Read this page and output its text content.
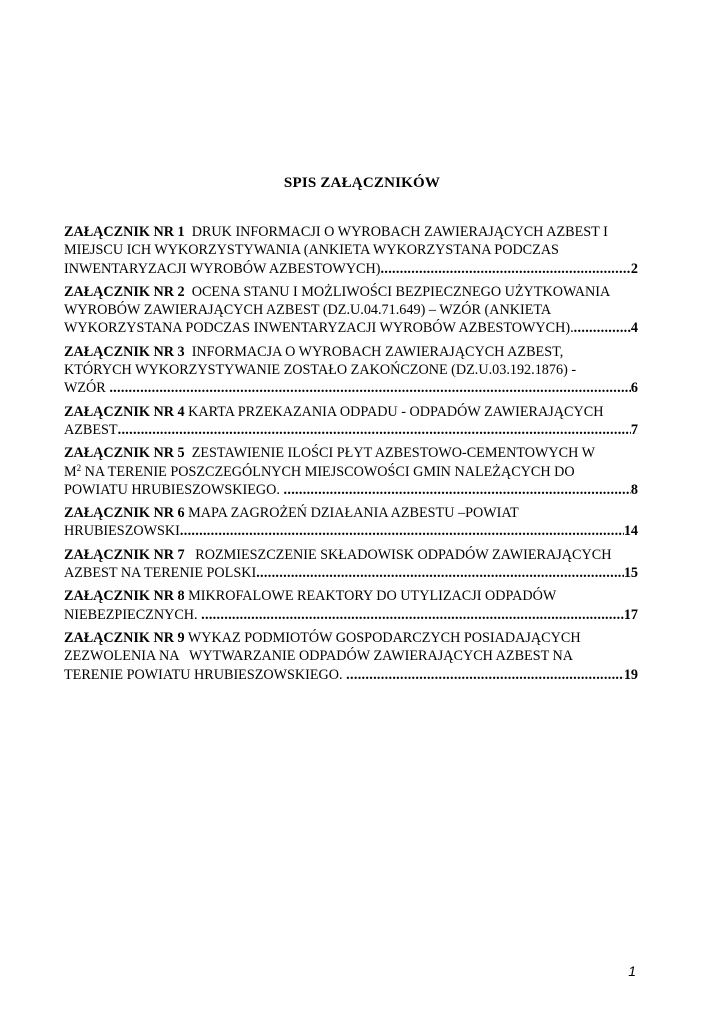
SPIS ZAŁĄCZNIKÓW
ZAŁĄCZNIK NR 1  DRUK INFORMACJI O WYROBACH ZAWIERAJĄCYCH AZBEST I
MIEJSCU ICH WYKORZYSTYWANIA (ANKIETA WYKORZYSTANA PODCZAS
INWENTARYZACJI WYROBÓW AZBESTOWYCH) .....	2
ZAŁĄCZNIK NR 2  OCENA STANU I MOŻLIWOŚCI BEZPIECZNEGO UŻYTKOWANIA
WYROBÓW ZAWIERAJĄCYCH AZBEST (DZ.U.04.71.649) – WZÓR (ANKIETA
WYKORZYSTANA PODCZAS INWENTARYZACJI WYROBÓW AZBESTOWYCH). .....	4
ZAŁĄCZNIK NR 3  INFORMACJA O WYROBACH ZAWIERAJĄCYCH AZBEST,
KTÓRYCH WYKORZYSTYWANIE ZOSTAŁO ZAKOŃCZONE (DZ.U.03.192.1876) -
WZÓR .....	6
ZAŁĄCZNIK NR 4 KARTA PRZEKAZANIA ODPADU - ODPADÓW ZAWIERAJĄCYCH
AZBEST .....	7
ZAŁĄCZNIK NR 5  ZESTAWIENIE ILOŚCI PŁYT AZBESTOWO-CEMENTOWYCH W
$M^2$ NA TERENIE POSZCZEGÓLNYCH MIEJSCOWOŚCI GMIN NALEŻĄCYCH DO
POWIATU HRUBIESZOWSKIEGO. .....	8
ZAŁĄCZNIK NR 6 MAPA ZAGROŻEŃ DZIAŁANIA AZBESTU –POWIAT
HRUBIESZOWSKI .....	14
ZAŁĄCZNIK NR 7   ROZMIESZCZENIE SKŁADOWISK ODPADÓW ZAWIERAJĄCYCH
AZBEST NA TERENIE POLSKI .....	15
ZAŁĄCZNIK NR 8 MIKROFALOWE REAKTORY DO UTYLIZACJI ODPADÓW
NIEBEZPIECZNYCH. .....	17
ZAŁĄCZNIK NR 9 WYKAZ PODMIOTÓW GOSPODARCZYCH POSIADAJĄCYCH
ZEZWOLENIA NA   WYTWARZANIE ODPADÓW ZAWIERAJĄCYCH AZBEST NA
TERENIE POWIATU HRUBIESZOWSKIEGO. .....	19
1
